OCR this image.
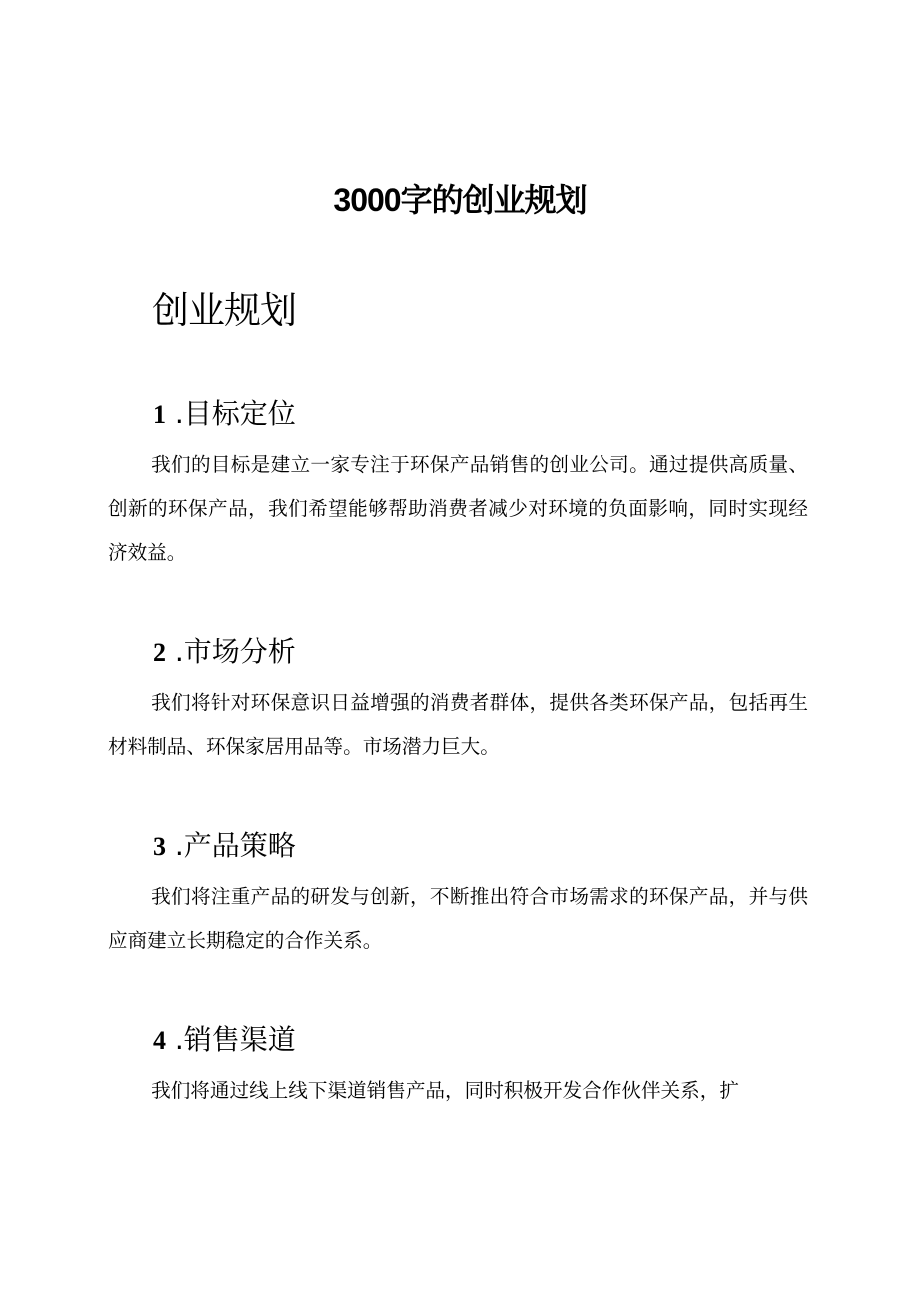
3000字的创业规划
创业规划
1 .目标定位
我们的目标是建立一家专注于环保产品销售的创业公司。通过提供高质量、创新的环保产品，我们希望能够帮助消费者减少对环境的负面影响，同时实现经济效益。
2 .市场分析
我们将针对环保意识日益增强的消费者群体，提供各类环保产品，包括再生材料制品、环保家居用品等。市场潜力巨大。
3 .产品策略
我们将注重产品的研发与创新，不断推出符合市场需求的环保产品，并与供应商建立长期稳定的合作关系。
4 .销售渠道
我们将通过线上线下渠道销售产品，同时积极开发合作伙伴关系，扩
